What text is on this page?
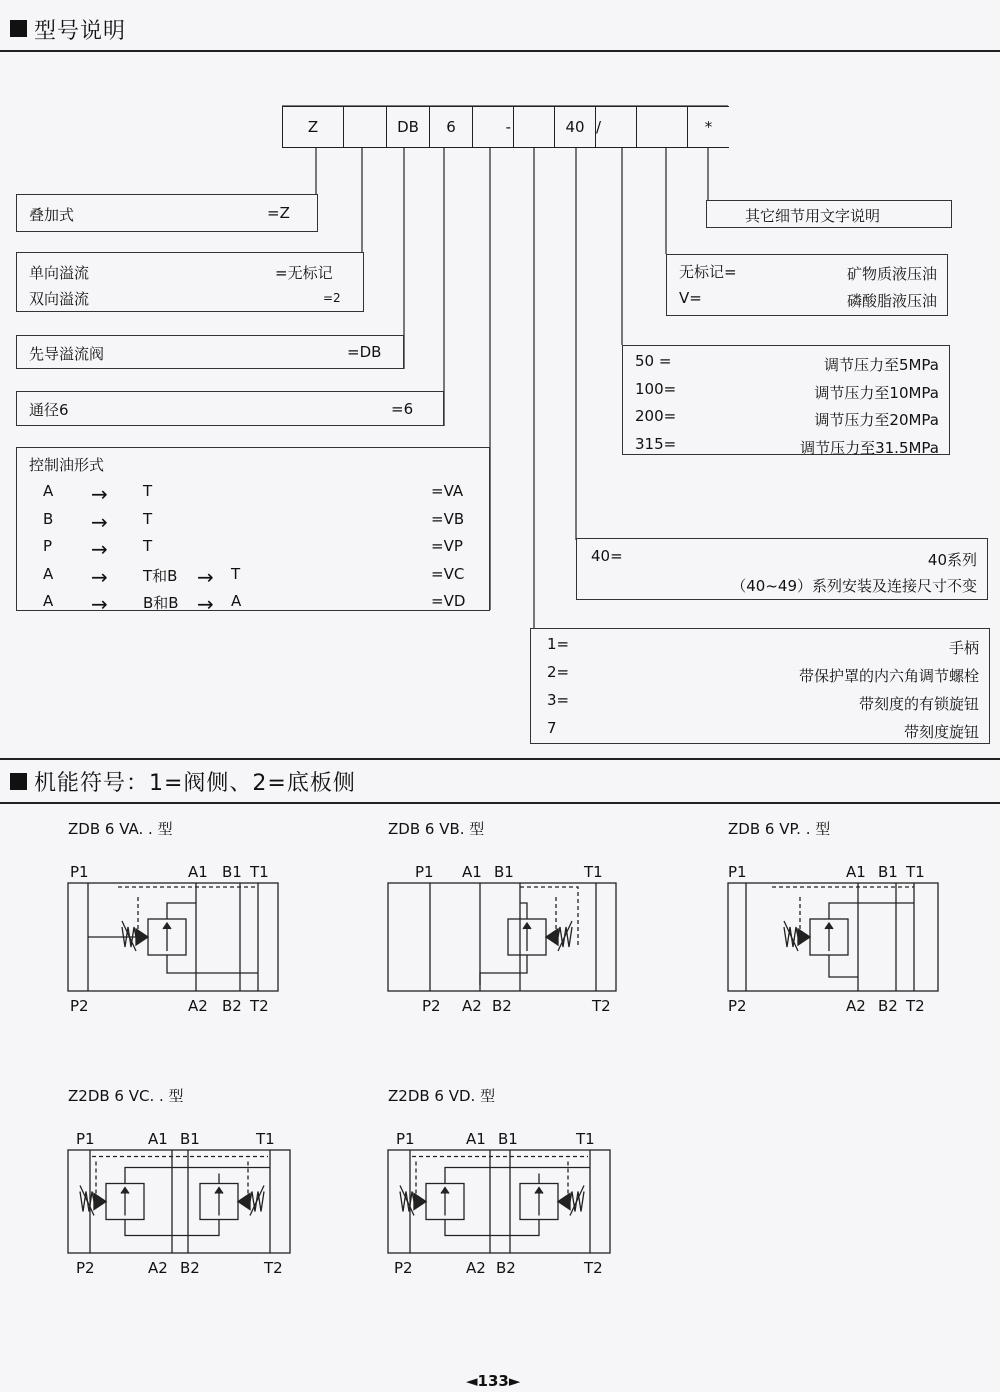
型号说明
Z	DB 6	-	40 /	*
叠加式	=Z
单向溢流	=无标记
双向溢流	=2
先导溢流阀	=DB
通径6	=6
控制油形式
A → T	=VA
B → T	=VB
P → T	=VP
A → T和B → T	=VC
A → B和B → A	=VD
其它细节用文字说明
无标记=	矿物质液压油
V=	磷酸脂液压油
50 =	调节压力至5MPa
100=	调节压力至10MPa
200=	调节压力至20MPa
315=	调节压力至31.5MPa
40=	40系列
（40~49）系列安装及连接尺寸不变
1=	手柄
2=	带保护罩的内六角调节螺栓
3=	带刻度的有锁旋钮
7	带刻度旋钮
机能符号：1=阀侧、2=底板侧
ZDB 6 VA. . 型
P1	A1 B1 T1
P2	A2 B2 T2
ZDB 6 VB. 型
P1 A1 B1	T1
P2 A2 B2	T2
ZDB 6 VP. . 型
P1	A1 B1 T1
P2	A2 B2 T2
Z2DB 6 VC. . 型
P1	A1 B1	T1
P2	A2 B2	T2
Z2DB 6 VD. 型
P1	A1 B1	T1
P2	A2 B2	T2
◄133►
